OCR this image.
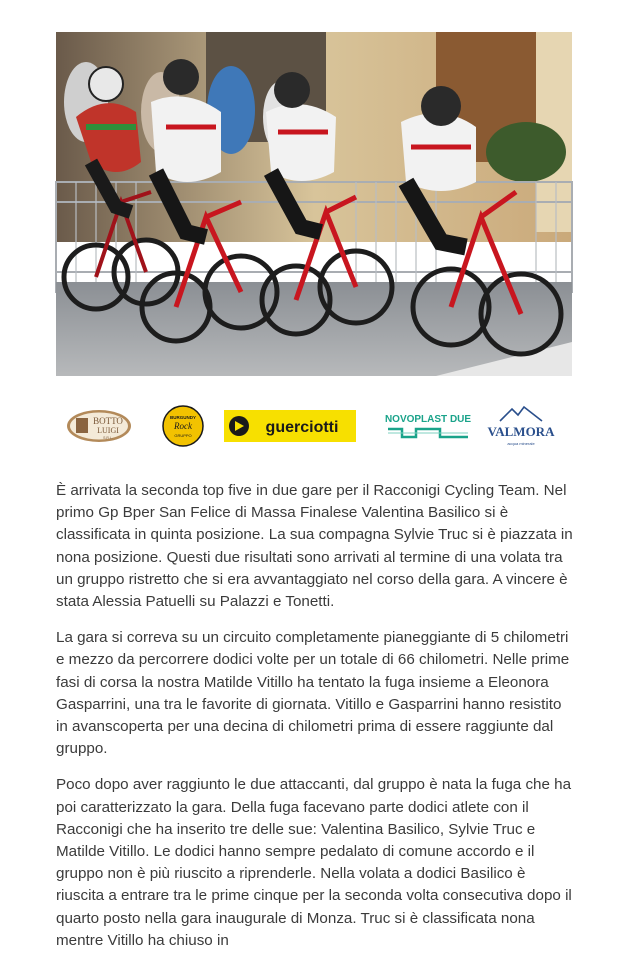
BOTTO
LUIGI
S.R.L.
BURGUNDY
Rock
GRUPPO	guerciotti	NOVOPLAST DUE
VALMORA
acqua minerale

È arrivata la seconda top five in due gare per il Racconigi Cycling Team. Nel primo Gp Bper San Felice di Massa Finalese Valentina Basilico si è classificata in quinta posizione. La sua compagna Sylvie Truc si è piazzata in nona posizione. Questi due risultati sono arrivati al termine di una volata tra un gruppo ristretto che si era avvantaggiato nel corso della gara. A vincere è stata Alessia Patuelli su Palazzi e Tonetti.

La gara si correva su un circuito completamente pianeggiante di 5 chilometri e mezzo da percorrere dodici volte per un totale di 66 chilometri. Nelle prime fasi di corsa la nostra Matilde Vitillo ha tentato la fuga insieme a Eleonora Gasparrini, una tra le favorite di giornata. Vitillo e Gasparrini hanno resistito in avanscoperta per una decina di chilometri prima di essere raggiunte dal gruppo.

Poco dopo aver raggiunto le due attaccanti, dal gruppo è nata la fuga che ha poi caratterizzato la gara. Della fuga facevano parte dodici atlete con il Racconigi che ha inserito tre delle sue: Valentina Basilico, Sylvie Truc e Matilde Vitillo. Le dodici hanno sempre pedalato di comune accordo e il gruppo non è più riuscito a riprenderle. Nella volata a dodici Basilico è riuscita a entrare tra le prime cinque per la seconda volta consecutiva dopo il quarto posto nella gara inaugurale di Monza. Truc si è classificata nona mentre Vitillo ha chiuso in
